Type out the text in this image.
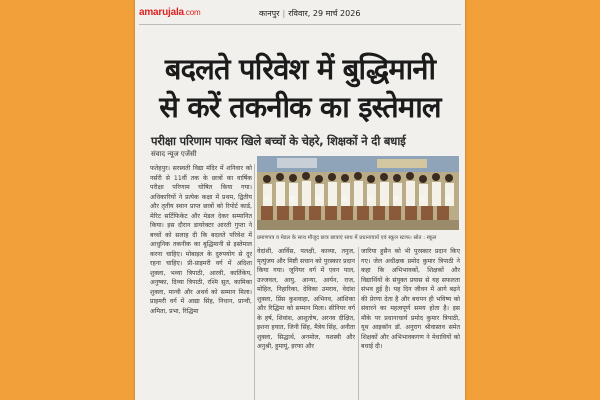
amarujala.com	कानपुर | रविवार, 29 मार्च 2026
बदलते परिवेश में बुद्धिमानी
से करें तकनीक का इस्तेमाल
परीक्षा परिणाम पाकर खिले बच्चों के चेहरे, शिक्षकों ने दी बधाई
संवाद न्यूज एजेंसी
प्रमाणपत्र व मेडल के साथ मौजूद छात्र छात्राएं साथ में प्रधानाचार्य एवं स्कूल स्टाफ। स्रोत : स्कूल

फतेहपुर। सरस्वती विद्या मंदिर में शनिवार को नर्सरी से 11वीं तक के छात्रों का वार्षिक परीक्षा परिणाम घोषित किया गया। अधिकारियों ने प्रत्येक कक्षा में प्रथम, द्वितीय और तृतीय स्थान प्राप्त छात्रों को रिपोर्ट कार्ड, मेरिट सर्टिफिकेट और मेडल देकर सम्मानित किया। इस दौरान डायरेक्टर आरती गुप्ता ने बच्चों को सलाह दी कि बदलते परिवेश में आधुनिक तकनीक का बुद्धिमानी से इस्तेमाल करना चाहिए। मोबाइल के दुरुपयोग से दूर रहना चाहिए। प्री-प्राइमरी वर्ग में अदिशा शुक्ला, भव्या त्रिपाठी, आरवी, कार्तिकेय, अनुष्का, दिव्या त्रिपाठी, रश्मि सुत, कामिका शुक्ला, मान्वी और अथर्व को सम्मान मिला। प्राइमरी वर्ग में आद्या सिंह, निधान, प्रान्वी, अमिता, प्रभा, रिद्धिमा

वेदांशी, आर्विस, पलक्षी, काव्या, तनुज, मृत्युंजय और मिष्टी सचान को पुरस्कार प्रदान किया गया। जूनियर वर्ग में एवन पाल, उज्जवल, आयु, आन्या, आर्यन, राज, मोहित, निहारिका, देविका उमराव, वेदांश शुक्ला, प्रिंस कुशवाहा, अभिनव, आंशिका और रिद्धिमा को सम्मान मिला। सीनियर वर्ग के हर्ष, शिवांश, आशुतोष, अरनव दीक्षित, इशना हयात, जिनी सिंह, मैत्रेय सिंह, अनीता शुक्ला, सिद्धार्थ, अनमोल, यशस्वी और अनुश्री, हुमायूं, इरफा और

जारिया हुसैन को भी पुरस्कार प्रदान किए गए। जेल अधीक्षक प्रमोद कुमार त्रिपाठी ने कहा कि अभिभावकों, शिक्षकों और विद्यार्थियों के संयुक्त प्रयास से यह सफलता संभव हुई है। यह दिन जीवन में आगे बढ़ने की प्रेरणा देता है और बचपन ही भविष्य को संवारने का महत्वपूर्ण समय होता है। इस मौके पर प्रधानाचार्य प्रमोद कुमार त्रिपाठी, यूथ आइकॉन डॉ. अनुराग श्रीवास्तव समेत शिक्षकों और अभिभावकगण ने मेधावियों को बधाई दी।
